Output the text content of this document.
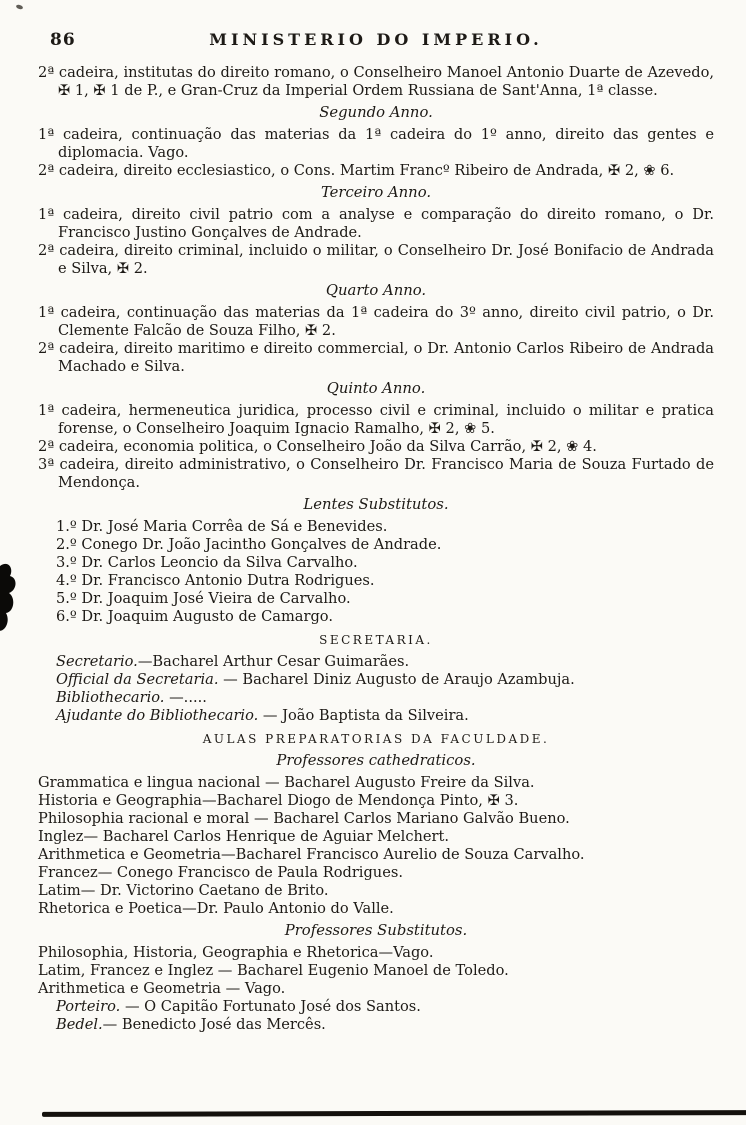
86	MINISTERIO DO IMPERIO.

2ª cadeira, institutas do direito romano, o Conselheiro Manoel Antonio Duarte de Azevedo, ✠ 1, ✠ 1 de P., e Gran-Cruz da Imperial Ordem Russiana de Sant'Anna, 1ª classe.

Segundo Anno.

1ª cadeira, continuação das materias da 1ª cadeira do 1º anno, direito das gentes e diplomacia. Vago.

2ª cadeira, direito ecclesiastico, o Cons. Martim Francº Ribeiro de Andrada, ✠ 2, ❀ 6.

Terceiro Anno.

1ª cadeira, direito civil patrio com a analyse e comparação do direito romano, o Dr. Francisco Justino Gonçalves de Andrade.

2ª cadeira, direito criminal, incluido o militar, o Conselheiro Dr. José Bonifacio de Andrada e Silva, ✠ 2.

Quarto Anno.

1ª cadeira, continuação das materias da 1ª cadeira do 3º anno, direito civil patrio, o Dr. Clemente Falcão de Souza Filho, ✠ 2.

2ª cadeira, direito maritimo e direito commercial, o Dr. Antonio Carlos Ribeiro de Andrada Machado e Silva.

Quinto Anno.

1ª cadeira, hermeneutica juridica, processo civil e criminal, incluido o militar e pratica forense, o Conselheiro Joaquim Ignacio Ramalho, ✠ 2, ❀ 5.

2ª cadeira, economia politica, o Conselheiro João da Silva Carrão, ✠ 2, ❀ 4.

3ª cadeira, direito administrativo, o Conselheiro Dr. Francisco Maria de Souza Furtado de Mendonça.

Lentes Substitutos.

1.º Dr. José Maria Corrêa de Sá e Benevides.

2.º Conego Dr. João Jacintho Gonçalves de Andrade.

3.º Dr. Carlos Leoncio da Silva Carvalho.

4.º Dr. Francisco Antonio Dutra Rodrigues.

5.º Dr. Joaquim José Vieira de Carvalho.

6.º Dr. Joaquim Augusto de Camargo.

SECRETARIA.

Secretario.—Bacharel Arthur Cesar Guimarães.

Official da Secretaria. — Bacharel Diniz Augusto de Araujo Azambuja.

Bibliothecario. —.....

Ajudante do Bibliothecario. — João Baptista da Silveira.

AULAS PREPARATORIAS DA FACULDADE.

Professores cathedraticos.

Grammatica e lingua nacional — Bacharel Augusto Freire da Silva.

Historia e Geographia—Bacharel Diogo de Mendonça Pinto, ✠ 3.

Philosophia racional e moral — Bacharel Carlos Mariano Galvão Bueno.

Inglez— Bacharel Carlos Henrique de Aguiar Melchert.

Arithmetica e Geometria—Bacharel Francisco Aurelio de Souza Carvalho.

Francez— Conego Francisco de Paula Rodrigues.

Latim— Dr. Victorino Caetano de Brito.

Rhetorica e Poetica—Dr. Paulo Antonio do Valle.

Professores Substitutos.

Philosophia, Historia, Geographia e Rhetorica—Vago.

Latim, Francez e Inglez — Bacharel Eugenio Manoel de Toledo.

Arithmetica e Geometria — Vago.

Porteiro. — O Capitão Fortunato José dos Santos.

Bedel.— Benedicto José das Mercês.
